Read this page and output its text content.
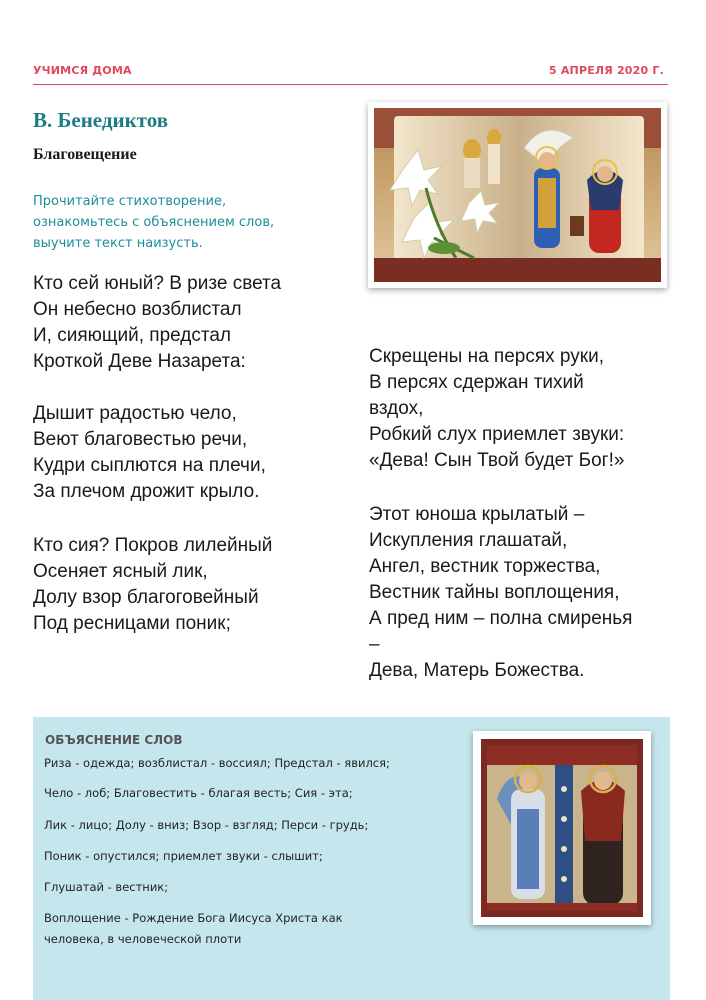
УЧИМСЯ ДОМА	5 АПРЕЛЯ 2020 Г.
В. Бенедиктов
Благовещение
Прочитайте стихотворение,
ознакомьтесь с объяснением слов,
выучите текст наизусть.
Кто сей юный? В ризе света
Он небесно возблистал
И, сияющий, предстал
Кроткой Деве Назарета:
Дышит радостью чело,
Веют благовестью речи,
Кудри сыплются на плечи,
За плечом дрожит крыло.
Кто сия? Покров лилейный
Осеняет ясный лик,
Долу взор благоговейный
Под ресницами поник;
Скрещены на персях руки,
В персях сдержан тихий
вздох,
Робкий слух приемлет звуки:
«Дева! Сын Твой будет Бог!»
Этот юноша крылатый –
Искупления глашатай,
Ангел, вестник торжества,
Вестник тайны воплощения,
А пред ним – полна смиренья
–
Дева, Матерь Божества.
ОБЪЯСНЕНИЕ СЛОВ
Риза - одежда; возблистал - воссиял; Предстал - явился;
Чело - лоб; Благовестить - благая весть; Сия - эта;
Лик - лицо; Долу - вниз; Взор - взгляд; Перси - грудь;
Поник - опустился; приемлет звуки - слышит;
Глушатай - вестник;
Воплощение - Рождение Бога Иисуса Христа как
человека, в человеческой плоти
